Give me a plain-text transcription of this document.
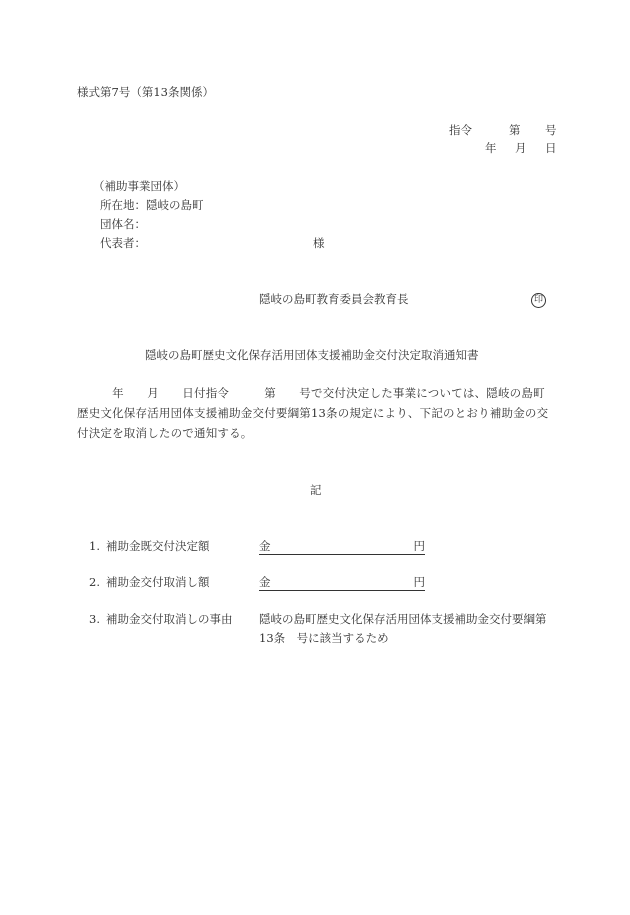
様式第7号（第13条関係）
指令	第 号
年 月 日
（補助事業団体）
所在地：隠岐の島町
団体名：
代表者：	様
隠岐の島町教育委員会教育長	印
隠岐の島町歴史文化保存活用団体支援補助金交付決定取消通知書
　　　年　　月　　日付指令　　　第　　号で交付決定した事業については、隠岐の島町
歴史文化保存活用団体支援補助金交付要綱第13条の規定により、下記のとおり補助金の交
付決定を取消したので通知する。
記
1. 補助金既交付決定額	金	円
2. 補助金交付取消し額	金	円
3. 補助金交付取消しの事由 隠岐の島町歴史文化保存活用団体支援補助金交付要綱第
13条　号に該当するため
